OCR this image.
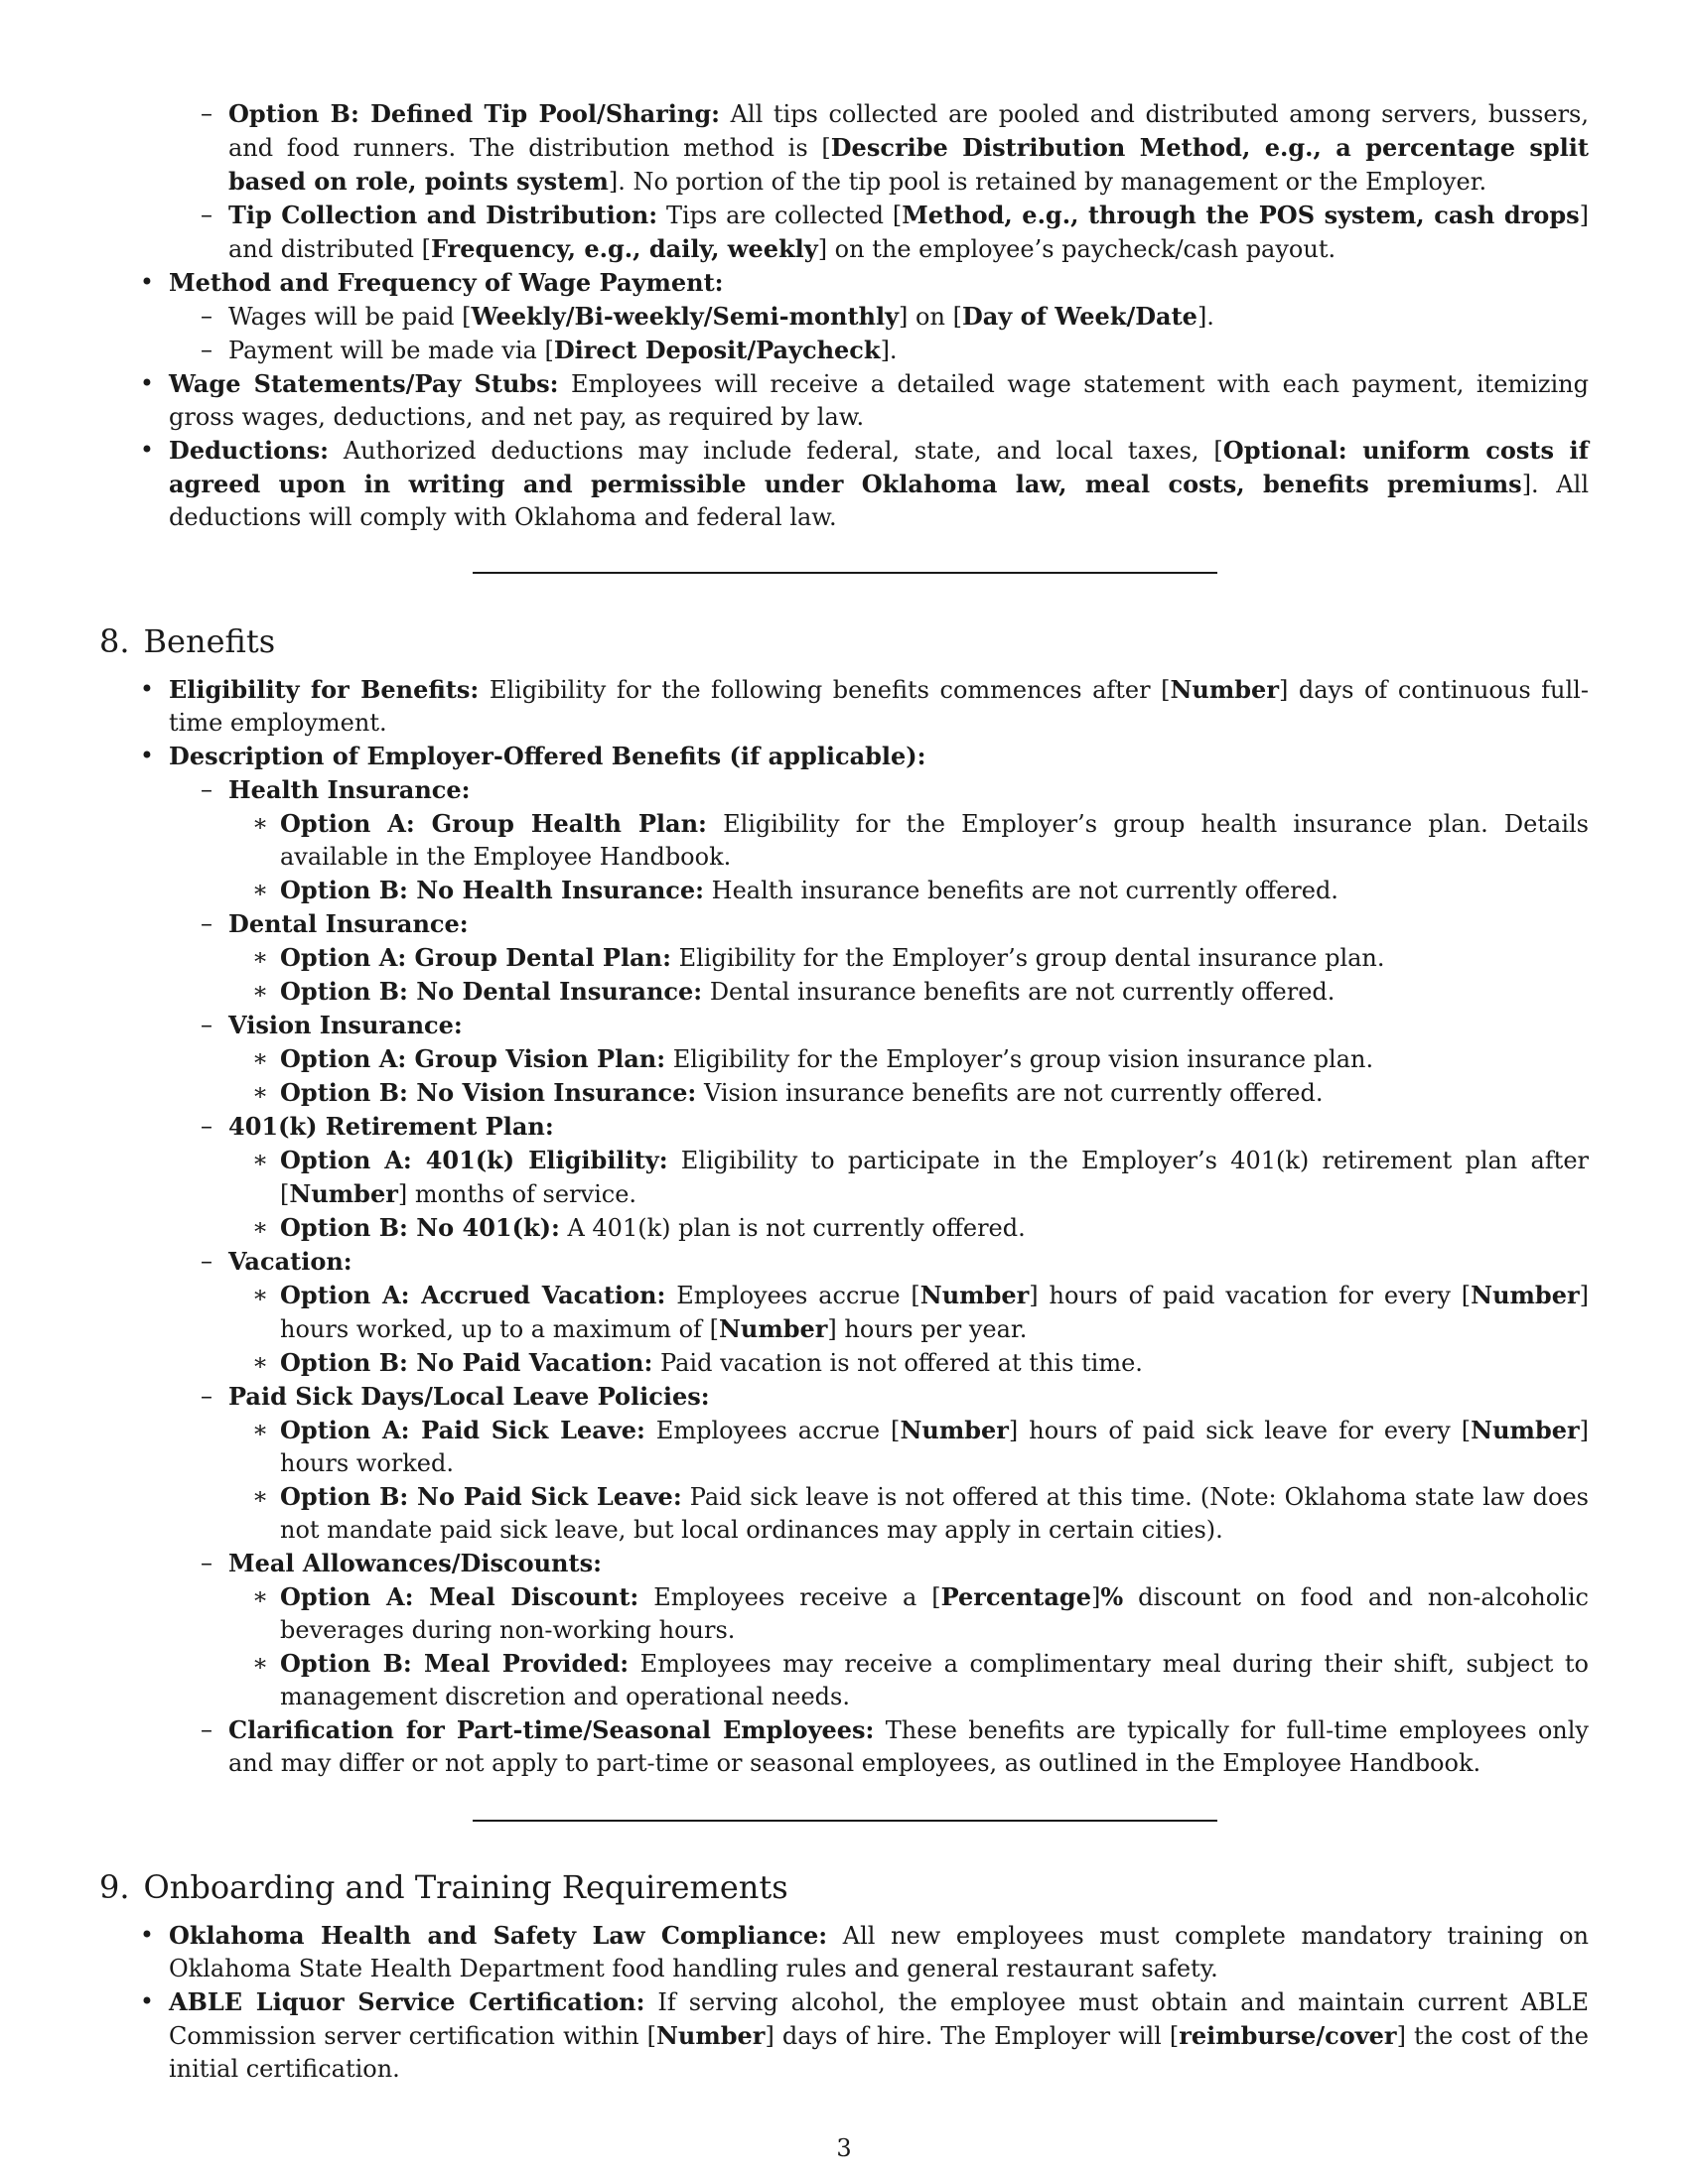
– Option B: Defined Tip Pool/Sharing: All tips collected are pooled and distributed among servers, bussers, and food runners. The distribution method is [Describe Distribution Method, e.g., a percentage split based on role, points system]. No portion of the tip pool is retained by management or the Employer.
– Tip Collection and Distribution: Tips are collected [Method, e.g., through the POS system, cash drops] and distributed [Frequency, e.g., daily, weekly] on the employee’s paycheck/cash payout.
• Method and Frequency of Wage Payment:
– Wages will be paid [Weekly/Bi-weekly/Semi-monthly] on [Day of Week/Date].
– Payment will be made via [Direct Deposit/Paycheck].
• Wage Statements/Pay Stubs: Employees will receive a detailed wage statement with each payment, itemizing gross wages, deductions, and net pay, as required by law.
• Deductions: Authorized deductions may include federal, state, and local taxes, [Optional: uniform costs if agreed upon in writing and permissible under Oklahoma law, meal costs, benefits premiums]. All deductions will comply with Oklahoma and federal law.
8. Benefits
• Eligibility for Benefits: Eligibility for the following benefits commences after [Number] days of continuous full-time employment.
• Description of Employer-Offered Benefits (if applicable):
– Health Insurance:
∗ Option A: Group Health Plan: Eligibility for the Employer’s group health insurance plan. Details available in the Employee Handbook.
∗ Option B: No Health Insurance: Health insurance benefits are not currently offered.
– Dental Insurance:
∗ Option A: Group Dental Plan: Eligibility for the Employer’s group dental insurance plan.
∗ Option B: No Dental Insurance: Dental insurance benefits are not currently offered.
– Vision Insurance:
∗ Option A: Group Vision Plan: Eligibility for the Employer’s group vision insurance plan.
∗ Option B: No Vision Insurance: Vision insurance benefits are not currently offered.
– 401(k) Retirement Plan:
∗ Option A: 401(k) Eligibility: Eligibility to participate in the Employer’s 401(k) retirement plan after [Number] months of service.
∗ Option B: No 401(k): A 401(k) plan is not currently offered.
– Vacation:
∗ Option A: Accrued Vacation: Employees accrue [Number] hours of paid vacation for every [Number] hours worked, up to a maximum of [Number] hours per year.
∗ Option B: No Paid Vacation: Paid vacation is not offered at this time.
– Paid Sick Days/Local Leave Policies:
∗ Option A: Paid Sick Leave: Employees accrue [Number] hours of paid sick leave for every [Number] hours worked.
∗ Option B: No Paid Sick Leave: Paid sick leave is not offered at this time. (Note: Oklahoma state law does not mandate paid sick leave, but local ordinances may apply in certain cities).
– Meal Allowances/Discounts:
∗ Option A: Meal Discount: Employees receive a [Percentage]% discount on food and non-alcoholic beverages during non-working hours.
∗ Option B: Meal Provided: Employees may receive a complimentary meal during their shift, subject to management discretion and operational needs.
– Clarification for Part-time/Seasonal Employees: These benefits are typically for full-time employees only and may differ or not apply to part-time or seasonal employees, as outlined in the Employee Handbook.
9. Onboarding and Training Requirements
• Oklahoma Health and Safety Law Compliance: All new employees must complete mandatory training on Oklahoma State Health Department food handling rules and general restaurant safety.
• ABLE Liquor Service Certification: If serving alcohol, the employee must obtain and maintain current ABLE Commission server certification within [Number] days of hire. The Employer will [reimburse/cover] the cost of the initial certification.
3
